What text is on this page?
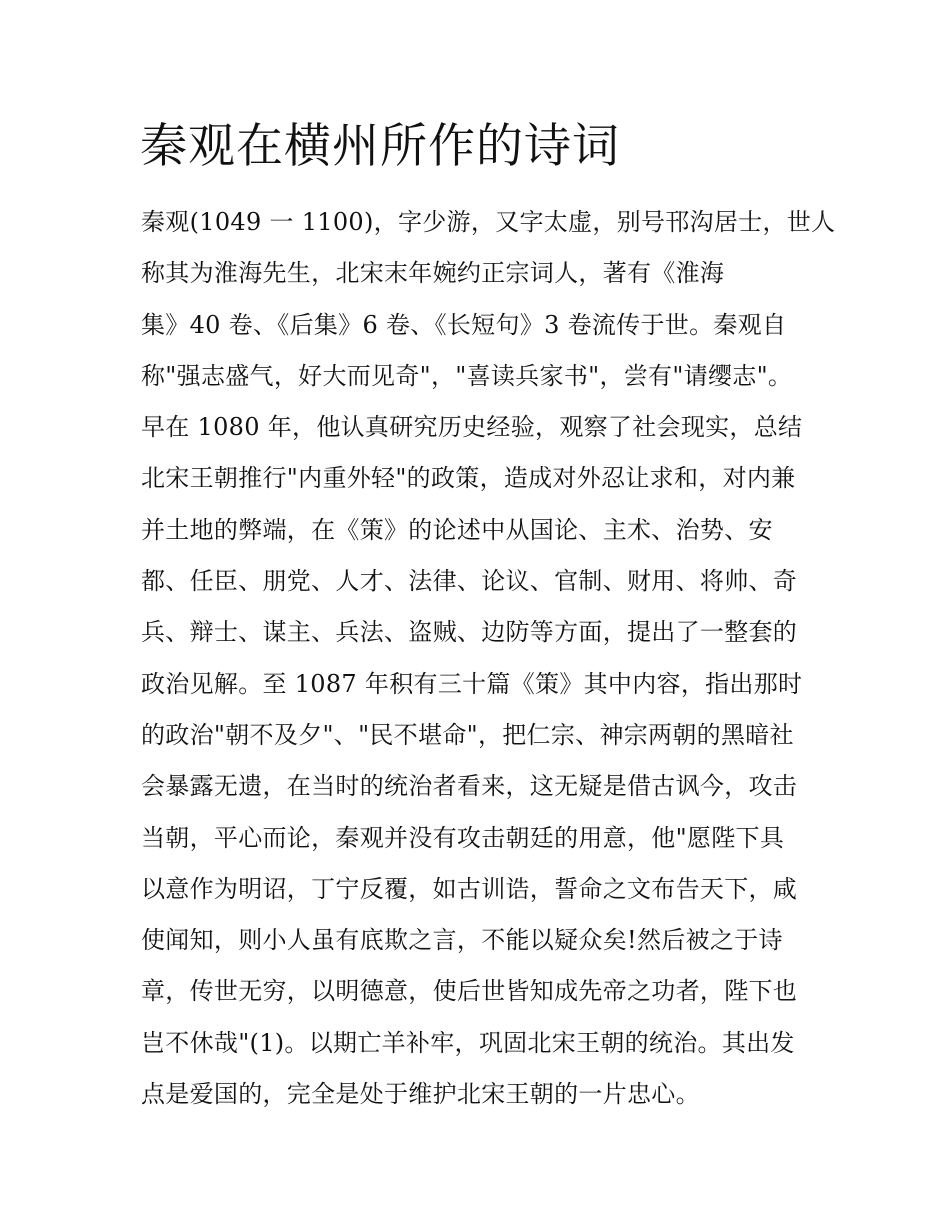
秦观在横州所作的诗词
秦观(1049 一 1100)，字少游，又字太虚，别号邗沟居士，世人
称其为淮海先生，北宋末年婉约正宗词人，著有《淮海
集》40 卷、《后集》6 卷、《长短句》3 卷流传于世。秦观自
称"强志盛气，好大而见奇"，"喜读兵家书"，尝有"请缨志"。
早在 1080 年，他认真研究历史经验，观察了社会现实，总结
北宋王朝推行"内重外轻"的政策，造成对外忍让求和，对内兼
并土地的弊端，在《策》的论述中从国论、主术、治势、安
都、任臣、朋党、人才、法律、论议、官制、财用、将帅、奇
兵、辩士、谋主、兵法、盗贼、边防等方面，提出了一整套的
政治见解。至 1087 年积有三十篇《策》其中内容，指出那时
的政治"朝不及夕"、"民不堪命"，把仁宗、神宗两朝的黑暗社
会暴露无遗，在当时的统治者看来，这无疑是借古讽今，攻击
当朝，平心而论，秦观并没有攻击朝廷的用意，他"愿陛下具
以意作为明诏，丁宁反覆，如古训诰，誓命之文布告天下，咸
使闻知，则小人虽有底欺之言，不能以疑众矣!然后被之于诗
章，传世无穷，以明德意，使后世皆知成先帝之功者，陛下也
岂不休哉"(1)。以期亡羊补牢，巩固北宋王朝的统治。其出发
点是爱国的，完全是处于维护北宋王朝的一片忠心。
